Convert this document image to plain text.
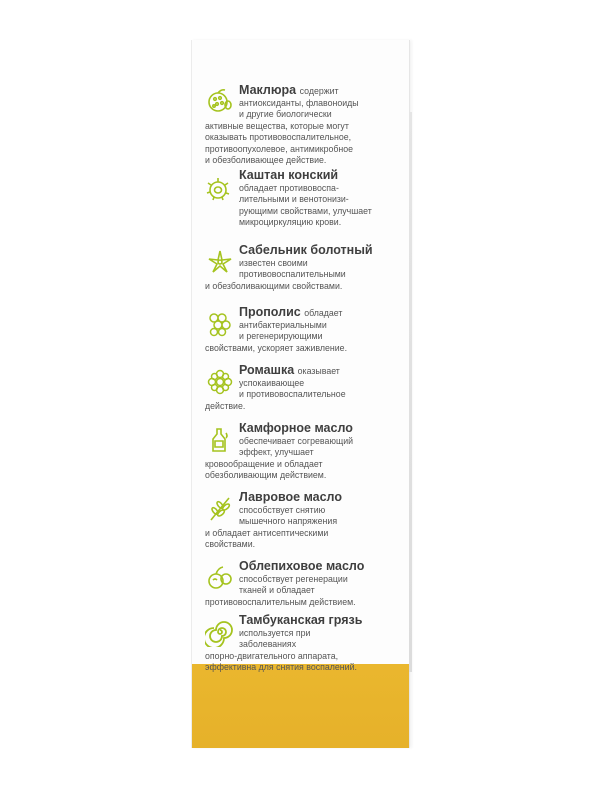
Маклюра содержит
антиоксиданты, флавоноиды
и другие биологически
активные вещества, которые могут
оказывать противовоспалительное,
противоопухолевое, антимикробное
и обезболивающее действие.
Каштан конский
обладает противовоспа-
лительными и венотонизи-
рующими свойствами, улучшает
микроциркуляцию крови.
Сабельник болотный
известен своими
противовоспалительными
и обезболивающими свойствами.
Прополис обладает
антибактериальными
и регенерирующими
свойствами, ускоряет заживление.
Ромашка оказывает
успокаивающее
и противовоспалительное
действие.
Камфорное масло
обеспечивает согревающий
эффект, улучшает
кровообращение и обладает
обезболивающим действием.
Лавровое масло
способствует снятию
мышечного напряжения
и обладает антисептическими
свойствами.
Облепиховое масло
способствует регенерации
тканей и обладает
противовоспалительным действием.
Тамбуканская грязь
используется при
заболеваниях
опорно-двигательного аппарата,
эффективна для снятия воспалений.
